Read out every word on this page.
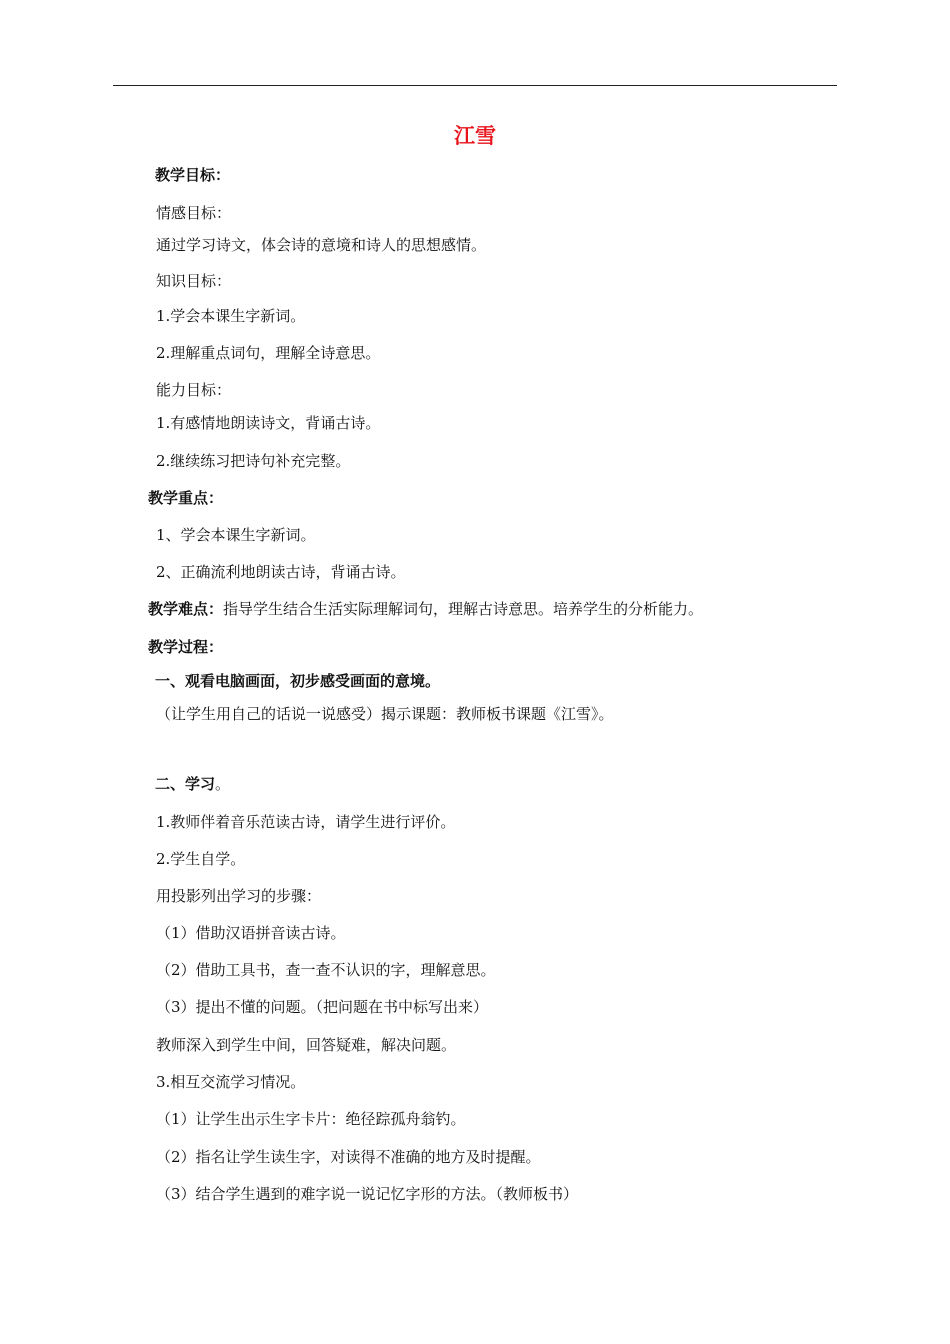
江雪
教学目标：
情感目标：
通过学习诗文，体会诗的意境和诗人的思想感情。
知识目标：
1.学会本课生字新词。
2.理解重点词句，理解全诗意思。
能力目标：
1.有感情地朗读诗文，背诵古诗。
2.继续练习把诗句补充完整。
教学重点：
1、学会本课生字新词。
2、正确流利地朗读古诗，背诵古诗。
教学难点：指导学生结合生活实际理解词句，理解古诗意思。培养学生的分析能力。
教学过程：
一、观看电脑画面，初步感受画面的意境。
（让学生用自己的话说一说感受）揭示课题：教师板书课题《江雪》。
二、学习。
1.教师伴着音乐范读古诗，请学生进行评价。
2.学生自学。
用投影列出学习的步骤：
（1）借助汉语拼音读古诗。
（2）借助工具书，查一查不认识的字，理解意思。
（3）提出不懂的问题。（把问题在书中标写出来）
教师深入到学生中间，回答疑难，解决问题。
3.相互交流学习情况。
（1）让学生出示生字卡片：绝径踪孤舟翁钓。
（2）指名让学生读生字，对读得不准确的地方及时提醒。
（3）结合学生遇到的难字说一说记忆字形的方法。（教师板书）
